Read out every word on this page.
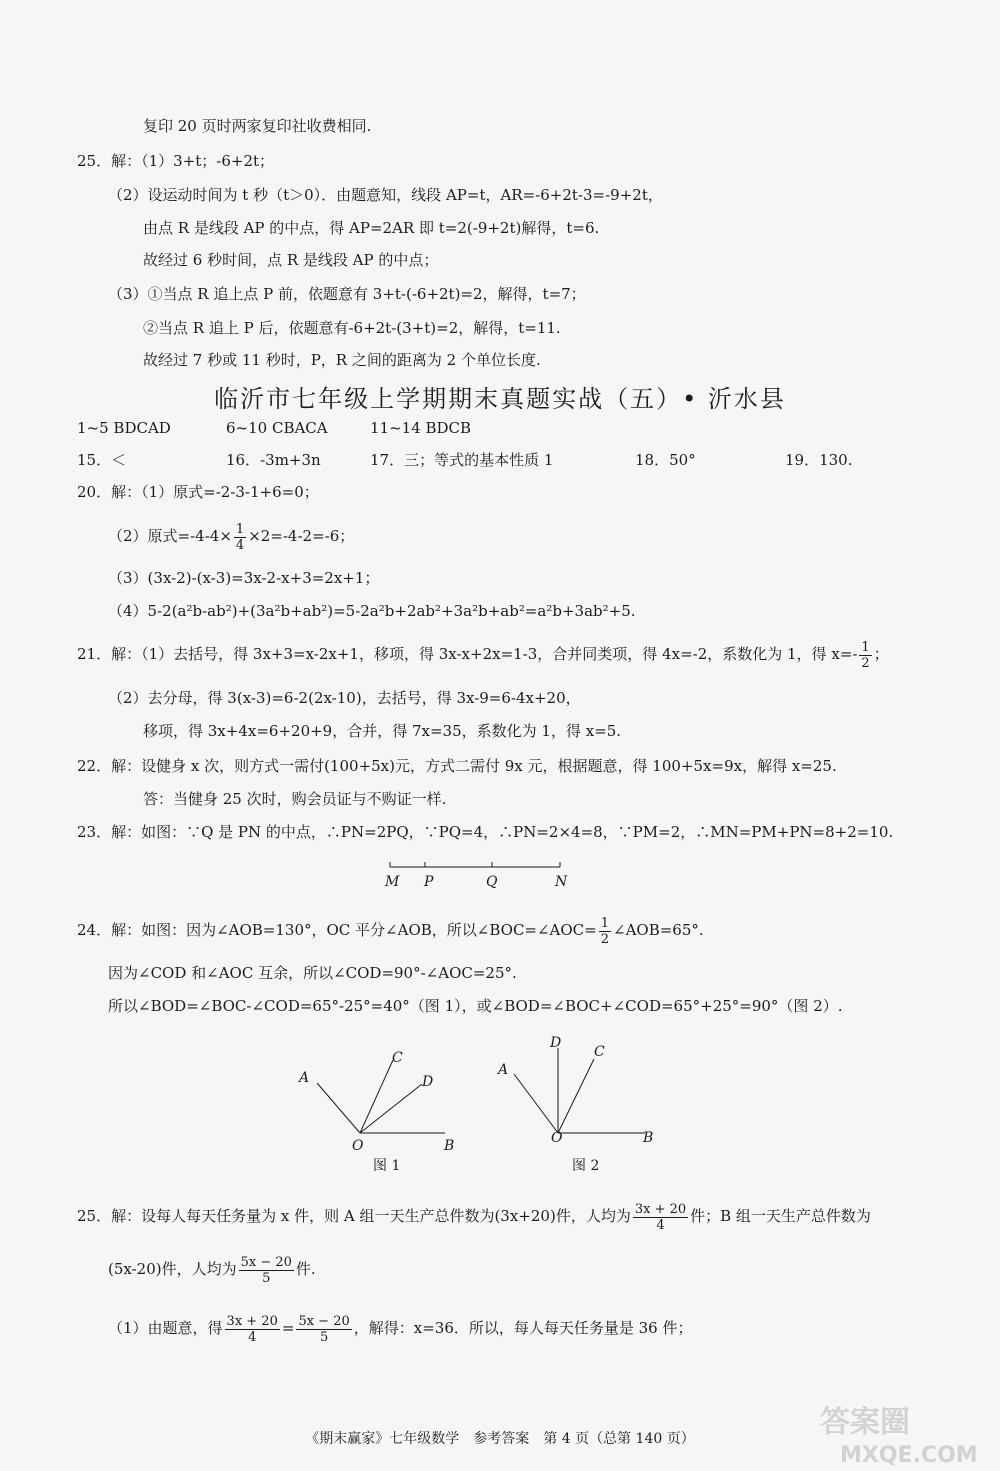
复印 20 页时两家复印社收费相同.
25．解：（1）3+t；-6+2t；
（2）设运动时间为 t 秒（t＞0）．由题意知，线段 AP=t，AR=-6+2t-3=-9+2t，
由点 R 是线段 AP 的中点，得 AP=2AR 即 t=2(-9+2t)解得，t=6.
故经过 6 秒时间，点 R 是线段 AP 的中点；
（3）①当点 R 追上点 P 前，依题意有 3+t-(-6+2t)=2，解得，t=7；
②当点 R 追上 P 后，依题意有-6+2t-(3+t)=2，解得，t=11.
故经过 7 秒或 11 秒时，P，R 之间的距离为 2 个单位长度.
临沂市七年级上学期期末真题实战（五）• 沂水县
1~5 BDCAD	6~10 CBACA	11~14 BDCB
15．＜	16．-3m+3n	17．三；等式的基本性质 1	18．50°	19．130.
20．解：（1）原式=-2-3-1+6=0；
（2）原式$=-4-4\times \frac{1}{4} \times 2=-4-2=-6$；
（3）(3x-2)-(x-3)=3x-2-x+3=2x+1；
（4）5-2(a²b-ab²)+(3a²b+ab²)=5-2a²b+2ab²+3a²b+ab²=a²b+3ab²+5.
21．解：（1）去括号，得 3x+3=x-2x+1，移项，得 3x-x+2x=1-3，合并同类项，得 4x=-2，系数化为 1，得 $x=- \frac{1}{2}$ ；
（2）去分母，得 3(x-3)=6-2(2x-10)，去括号，得 3x-9=6-4x+20，
移项，得 3x+4x=6+20+9，合并，得 7x=35，系数化为 1，得 x=5.
22．解：设健身 x 次，则方式一需付(100+5x)元，方式二需付 9x 元，根据题意，得 100+5x=9x，解得 x=25.
答：当健身 25 次时，购会员证与不购证一样.
23．解：如图：∵Q 是 PN 的中点，∴PN=2PQ，∵PQ=4，∴PN=2×4=8，∵PM=2，∴MN=PM+PN=8+2=10.
M P	Q	N
24．解：如图：因为∠AOB=130°，OC 平分∠AOB，所以∠BOC=∠AOC= $\frac{1}{2}$ ∠AOB=65°.
因为∠COD 和∠AOC 互余，所以∠COD=90°-∠AOC=25°.
所以∠BOD=∠BOC-∠COD=65°-25°=40°（图 1），或∠BOD=∠BOC+∠COD=65°+25°=90°（图 2）.
A
C
D
O	B
图 1
D
C
A
O	B
图 2
25．解：设每人每天任务量为 x 件，则 A 组一天生产总件数为(3x+20)件，人均为 $\frac{3x + 20}{4}$ 件；B 组一天生产总件数为
(5x-20)件，人均为 $\frac{5x - 20}{5}$ 件.
（1）由题意，得 $\frac{3x + 20}{4} = \frac{5x - 20}{5}$ ，解得：x=36．所以，每人每天任务量是 36 件；
《期末赢家》七年级数学　参考答案　第 4 页（总第 140 页）	答案圈
MXQE.COM
